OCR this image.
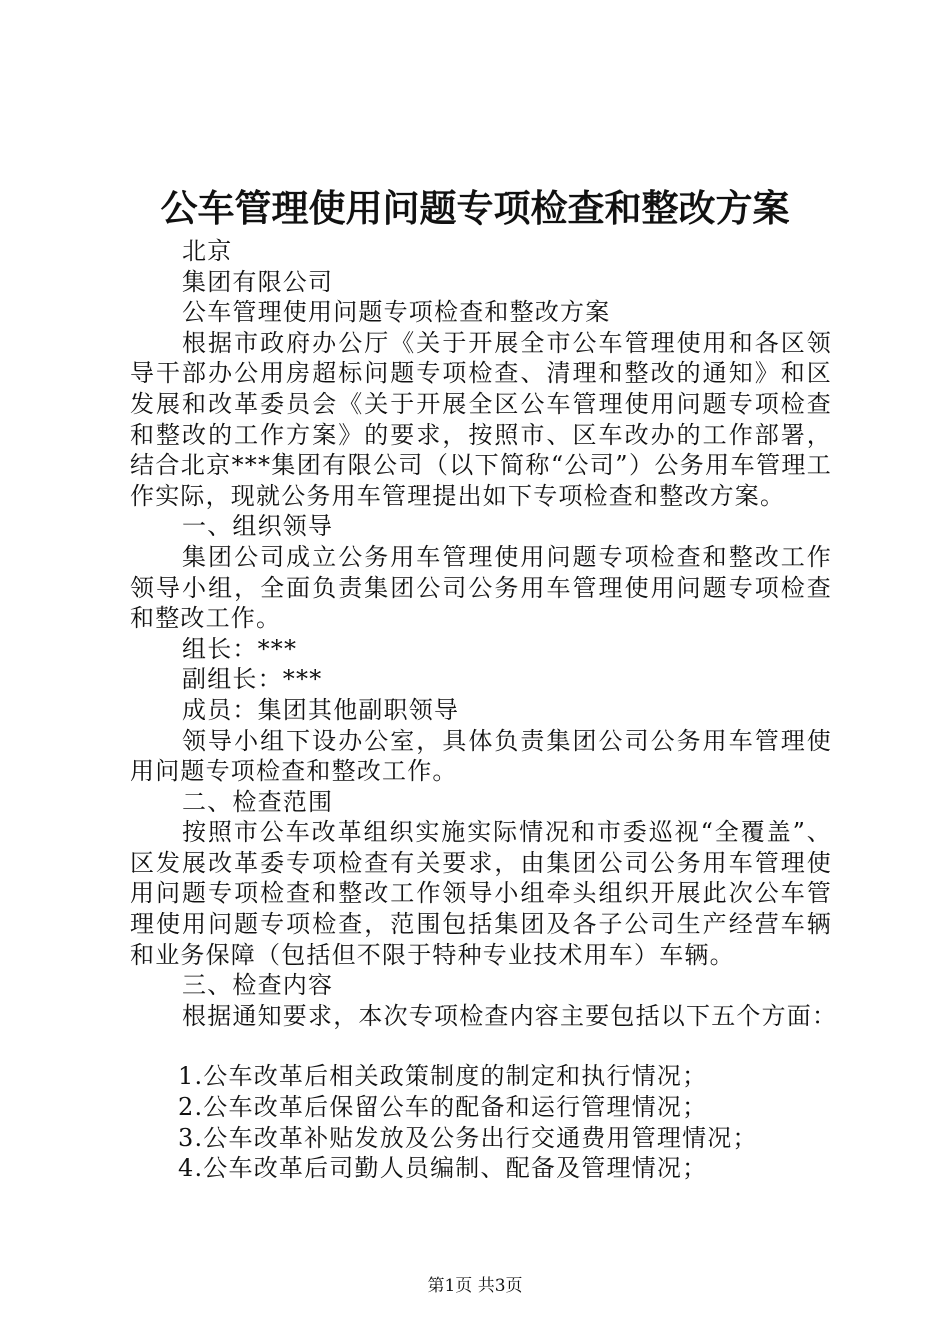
公车管理使用问题专项检查和整改方案

北京

集团有限公司

公车管理使用问题专项检查和整改方案

根据市政府办公厅《关于开展全市公车管理使用和各区领导干部办公用房超标问题专项检查、清理和整改的通知》和区发展和改革委员会《关于开展全区公车管理使用问题专项检查和整改的工作方案》的要求，按照市、区车改办的工作部署，结合北京***集团有限公司（以下简称“公司”）公务用车管理工作实际，现就公务用车管理提出如下专项检查和整改方案。

一、组织领导

集团公司成立公务用车管理使用问题专项检查和整改工作领导小组，全面负责集团公司公务用车管理使用问题专项检查和整改工作。

组长：***

副组长：***

成员：集团其他副职领导

领导小组下设办公室，具体负责集团公司公务用车管理使用问题专项检查和整改工作。

二、检查范围

按照市公车改革组织实施实际情况和市委巡视“全覆盖”、区发展改革委专项检查有关要求，由集团公司公务用车管理使用问题专项检查和整改工作领导小组牵头组织开展此次公车管理使用问题专项检查，范围包括集团及各子公司生产经营车辆和业务保障（包括但不限于特种专业技术用车）车辆。

三、检查内容

根据通知要求，本次专项检查内容主要包括以下五个方面：

1.公车改革后相关政策制度的制定和执行情况；

2.公车改革后保留公车的配备和运行管理情况；

3.公车改革补贴发放及公务出行交通费用管理情况；

4.公车改革后司勤人员编制、配备及管理情况；

第1页 共3页
